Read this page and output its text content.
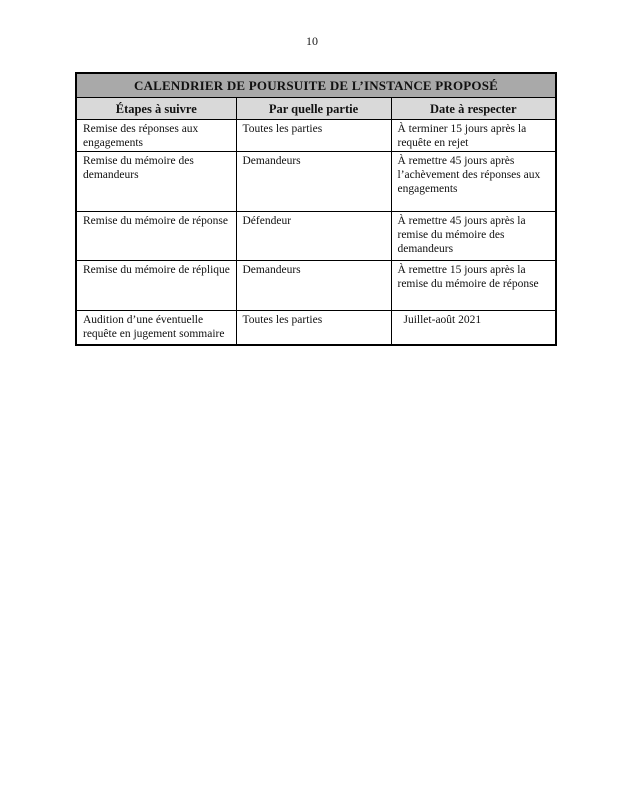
10
CALENDRIER DE POURSUITE DE L’INSTANCE PROPOSÉ		
Étapes à suivre	Par quelle partie	Date à respecter
Remise des réponses aux engagements	Toutes les parties	À terminer 15 jours après la requête en rejet
Remise du mémoire des demandeurs	Demandeurs	À remettre 45 jours après l’achèvement des réponses aux engagements
Remise du mémoire de réponse	Défendeur	À remettre 45 jours après la remise du mémoire des demandeurs
Remise du mémoire de réplique	Demandeurs	À remettre 15 jours après la remise du mémoire de réponse
Audition d’une éventuelle requête en jugement sommaire	Toutes les parties	Juillet-août 2021
